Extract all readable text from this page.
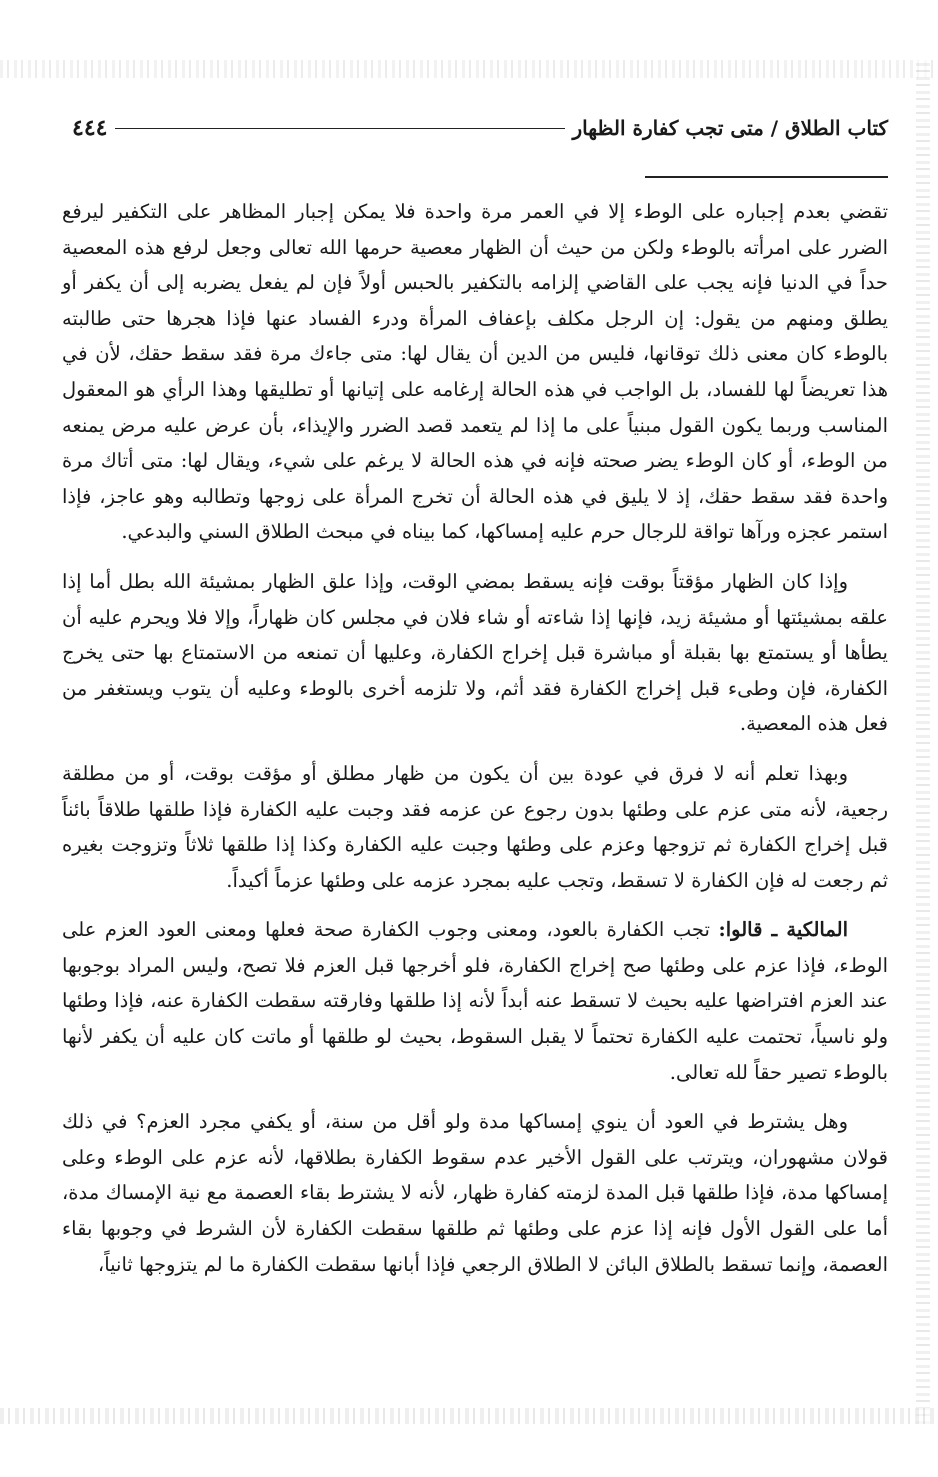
كتاب الطلاق / متى تجب كفارة الظهار
٤٤٤

تقضي بعدم إجباره على الوطء إلا في العمر مرة واحدة فلا يمكن إجبار المظاهر على التكفير ليرفع الضرر على امرأته بالوطء ولكن من حيث أن الظهار معصية حرمها الله تعالى وجعل لرفع هذه المعصية حداً في الدنيا فإنه يجب على القاضي إلزامه بالتكفير بالحبس أولاً فإن لم يفعل يضربه إلى أن يكفر أو يطلق ومنهم من يقول: إن الرجل مكلف بإعفاف المرأة ودرء الفساد عنها فإذا هجرها حتى طالبته بالوطء كان معنى ذلك توقانها، فليس من الدين أن يقال لها: متى جاءك مرة فقد سقط حقك، لأن في هذا تعريضاً لها للفساد، بل الواجب في هذه الحالة إرغامه على إتيانها أو تطليقها وهذا الرأي هو المعقول المناسب وربما يكون القول مبنياً على ما إذا لم يتعمد قصد الضرر والإيذاء، بأن عرض عليه مرض يمنعه من الوطء، أو كان الوطء يضر صحته فإنه في هذه الحالة لا يرغم على شيء، ويقال لها: متى أتاك مرة واحدة فقد سقط حقك، إذ لا يليق في هذه الحالة أن تخرج المرأة على زوجها وتطالبه وهو عاجز، فإذا استمر عجزه ورآها تواقة للرجال حرم عليه إمساكها، كما بيناه في مبحث الطلاق السني والبدعي.

وإذا كان الظهار مؤقتاً بوقت فإنه يسقط بمضي الوقت، وإذا علق الظهار بمشيئة الله بطل أما إذا علقه بمشيئتها أو مشيئة زيد، فإنها إذا شاءته أو شاء فلان في مجلس كان ظهاراً، وإلا فلا ويحرم عليه أن يطأها أو يستمتع بها بقبلة أو مباشرة قبل إخراج الكفارة، وعليها أن تمنعه من الاستمتاع بها حتى يخرج الكفارة، فإن وطىء قبل إخراج الكفارة فقد أثم، ولا تلزمه أخرى بالوطء وعليه أن يتوب ويستغفر من فعل هذه المعصية.

وبهذا تعلم أنه لا فرق في عودة بين أن يكون من ظهار مطلق أو مؤقت بوقت، أو من مطلقة رجعية، لأنه متى عزم على وطئها بدون رجوع عن عزمه فقد وجبت عليه الكفارة فإذا طلقها طلاقاً بائناً قبل إخراج الكفارة ثم تزوجها وعزم على وطئها وجبت عليه الكفارة وكذا إذا طلقها ثلاثاً وتزوجت بغيره ثم رجعت له فإن الكفارة لا تسقط، وتجب عليه بمجرد عزمه على وطئها عزماً أكيداً.

المالكية ـ قالوا: تجب الكفارة بالعود، ومعنى وجوب الكفارة صحة فعلها ومعنى العود العزم على الوطء، فإذا عزم على وطئها صح إخراج الكفارة، فلو أخرجها قبل العزم فلا تصح، وليس المراد بوجوبها عند العزم افتراضها عليه بحيث لا تسقط عنه أبداً لأنه إذا طلقها وفارقته سقطت الكفارة عنه، فإذا وطئها ولو ناسياً، تحتمت عليه الكفارة تحتماً لا يقبل السقوط، بحيث لو طلقها أو ماتت كان عليه أن يكفر لأنها بالوطء تصير حقاً لله تعالى.

وهل يشترط في العود أن ينوي إمساكها مدة ولو أقل من سنة، أو يكفي مجرد العزم؟ في ذلك قولان مشهوران، ويترتب على القول الأخير عدم سقوط الكفارة بطلاقها، لأنه عزم على الوطء وعلى إمساكها مدة، فإذا طلقها قبل المدة لزمته كفارة ظهار، لأنه لا يشترط بقاء العصمة مع نية الإمساك مدة، أما على القول الأول فإنه إذا عزم على وطئها ثم طلقها سقطت الكفارة لأن الشرط في وجوبها بقاء العصمة، وإنما تسقط بالطلاق البائن لا الطلاق الرجعي فإذا أبانها سقطت الكفارة ما لم يتزوجها ثانياً،
